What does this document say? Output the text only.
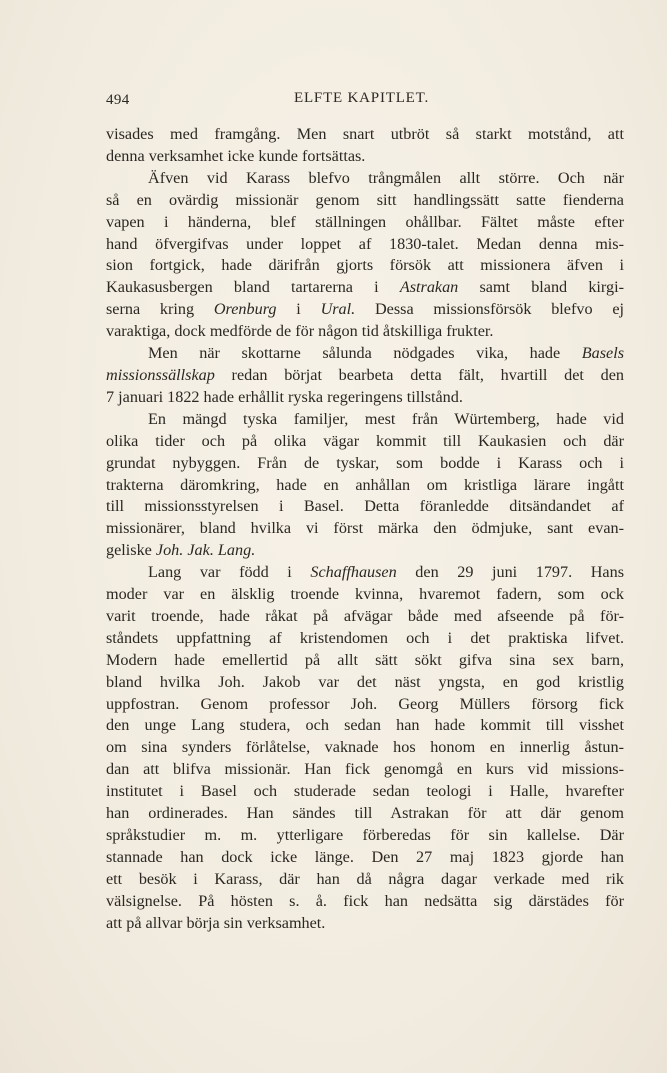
494	ELFTE KAPITLET.
visades med framgång. Men snart utbröt så starkt motstånd, att
denna verksamhet icke kunde fortsättas.
Äfven vid Karass blefvo trångmålen allt större. Och när
så en ovärdig missionär genom sitt handlingssätt satte fienderna
vapen i händerna, blef ställningen ohållbar. Fältet måste efter
hand öfvergifvas under loppet af 1830-talet. Medan denna mis-
sion fortgick, hade därifrån gjorts försök att missionera äfven i
Kaukasusbergen bland tartarerna i Astrakan samt bland kirgi-
serna kring Orenburg i Ural. Dessa missionsförsök blefvo ej
varaktiga, dock medförde de för någon tid åtskilliga frukter.
Men när skottarne sålunda nödgades vika, hade Basels
missionssällskap redan börjat bearbeta detta fält, hvartill det den
7 januari 1822 hade erhållit ryska regeringens tillstånd.
En mängd tyska familjer, mest från Würtemberg, hade vid
olika tider och på olika vägar kommit till Kaukasien och där
grundat nybyggen. Från de tyskar, som bodde i Karass och i
trakterna däromkring, hade en anhållan om kristliga lärare ingått
till missionsstyrelsen i Basel. Detta föranledde ditsändandet af
missionärer, bland hvilka vi först märka den ödmjuke, sant evan-
geliske Joh. Jak. Lang.
Lang var född i Schaffhausen den 29 juni 1797. Hans
moder var en älsklig troende kvinna, hvaremot fadern, som ock
varit troende, hade råkat på afvägar både med afseende på för-
ståndets uppfattning af kristendomen och i det praktiska lifvet.
Modern hade emellertid på allt sätt sökt gifva sina sex barn,
bland hvilka Joh. Jakob var det näst yngsta, en god kristlig
uppfostran. Genom professor Joh. Georg Müllers försorg fick
den unge Lang studera, och sedan han hade kommit till visshet
om sina synders förlåtelse, vaknade hos honom en innerlig åstun-
dan att blifva missionär. Han fick genomgå en kurs vid missions-
institutet i Basel och studerade sedan teologi i Halle, hvarefter
han ordinerades. Han sändes till Astrakan för att där genom
språkstudier m. m. ytterligare förberedas för sin kallelse. Där
stannade han dock icke länge. Den 27 maj 1823 gjorde han
ett besök i Karass, där han då några dagar verkade med rik
välsignelse. På hösten s. å. fick han nedsätta sig därstädes för
att på allvar börja sin verksamhet.
